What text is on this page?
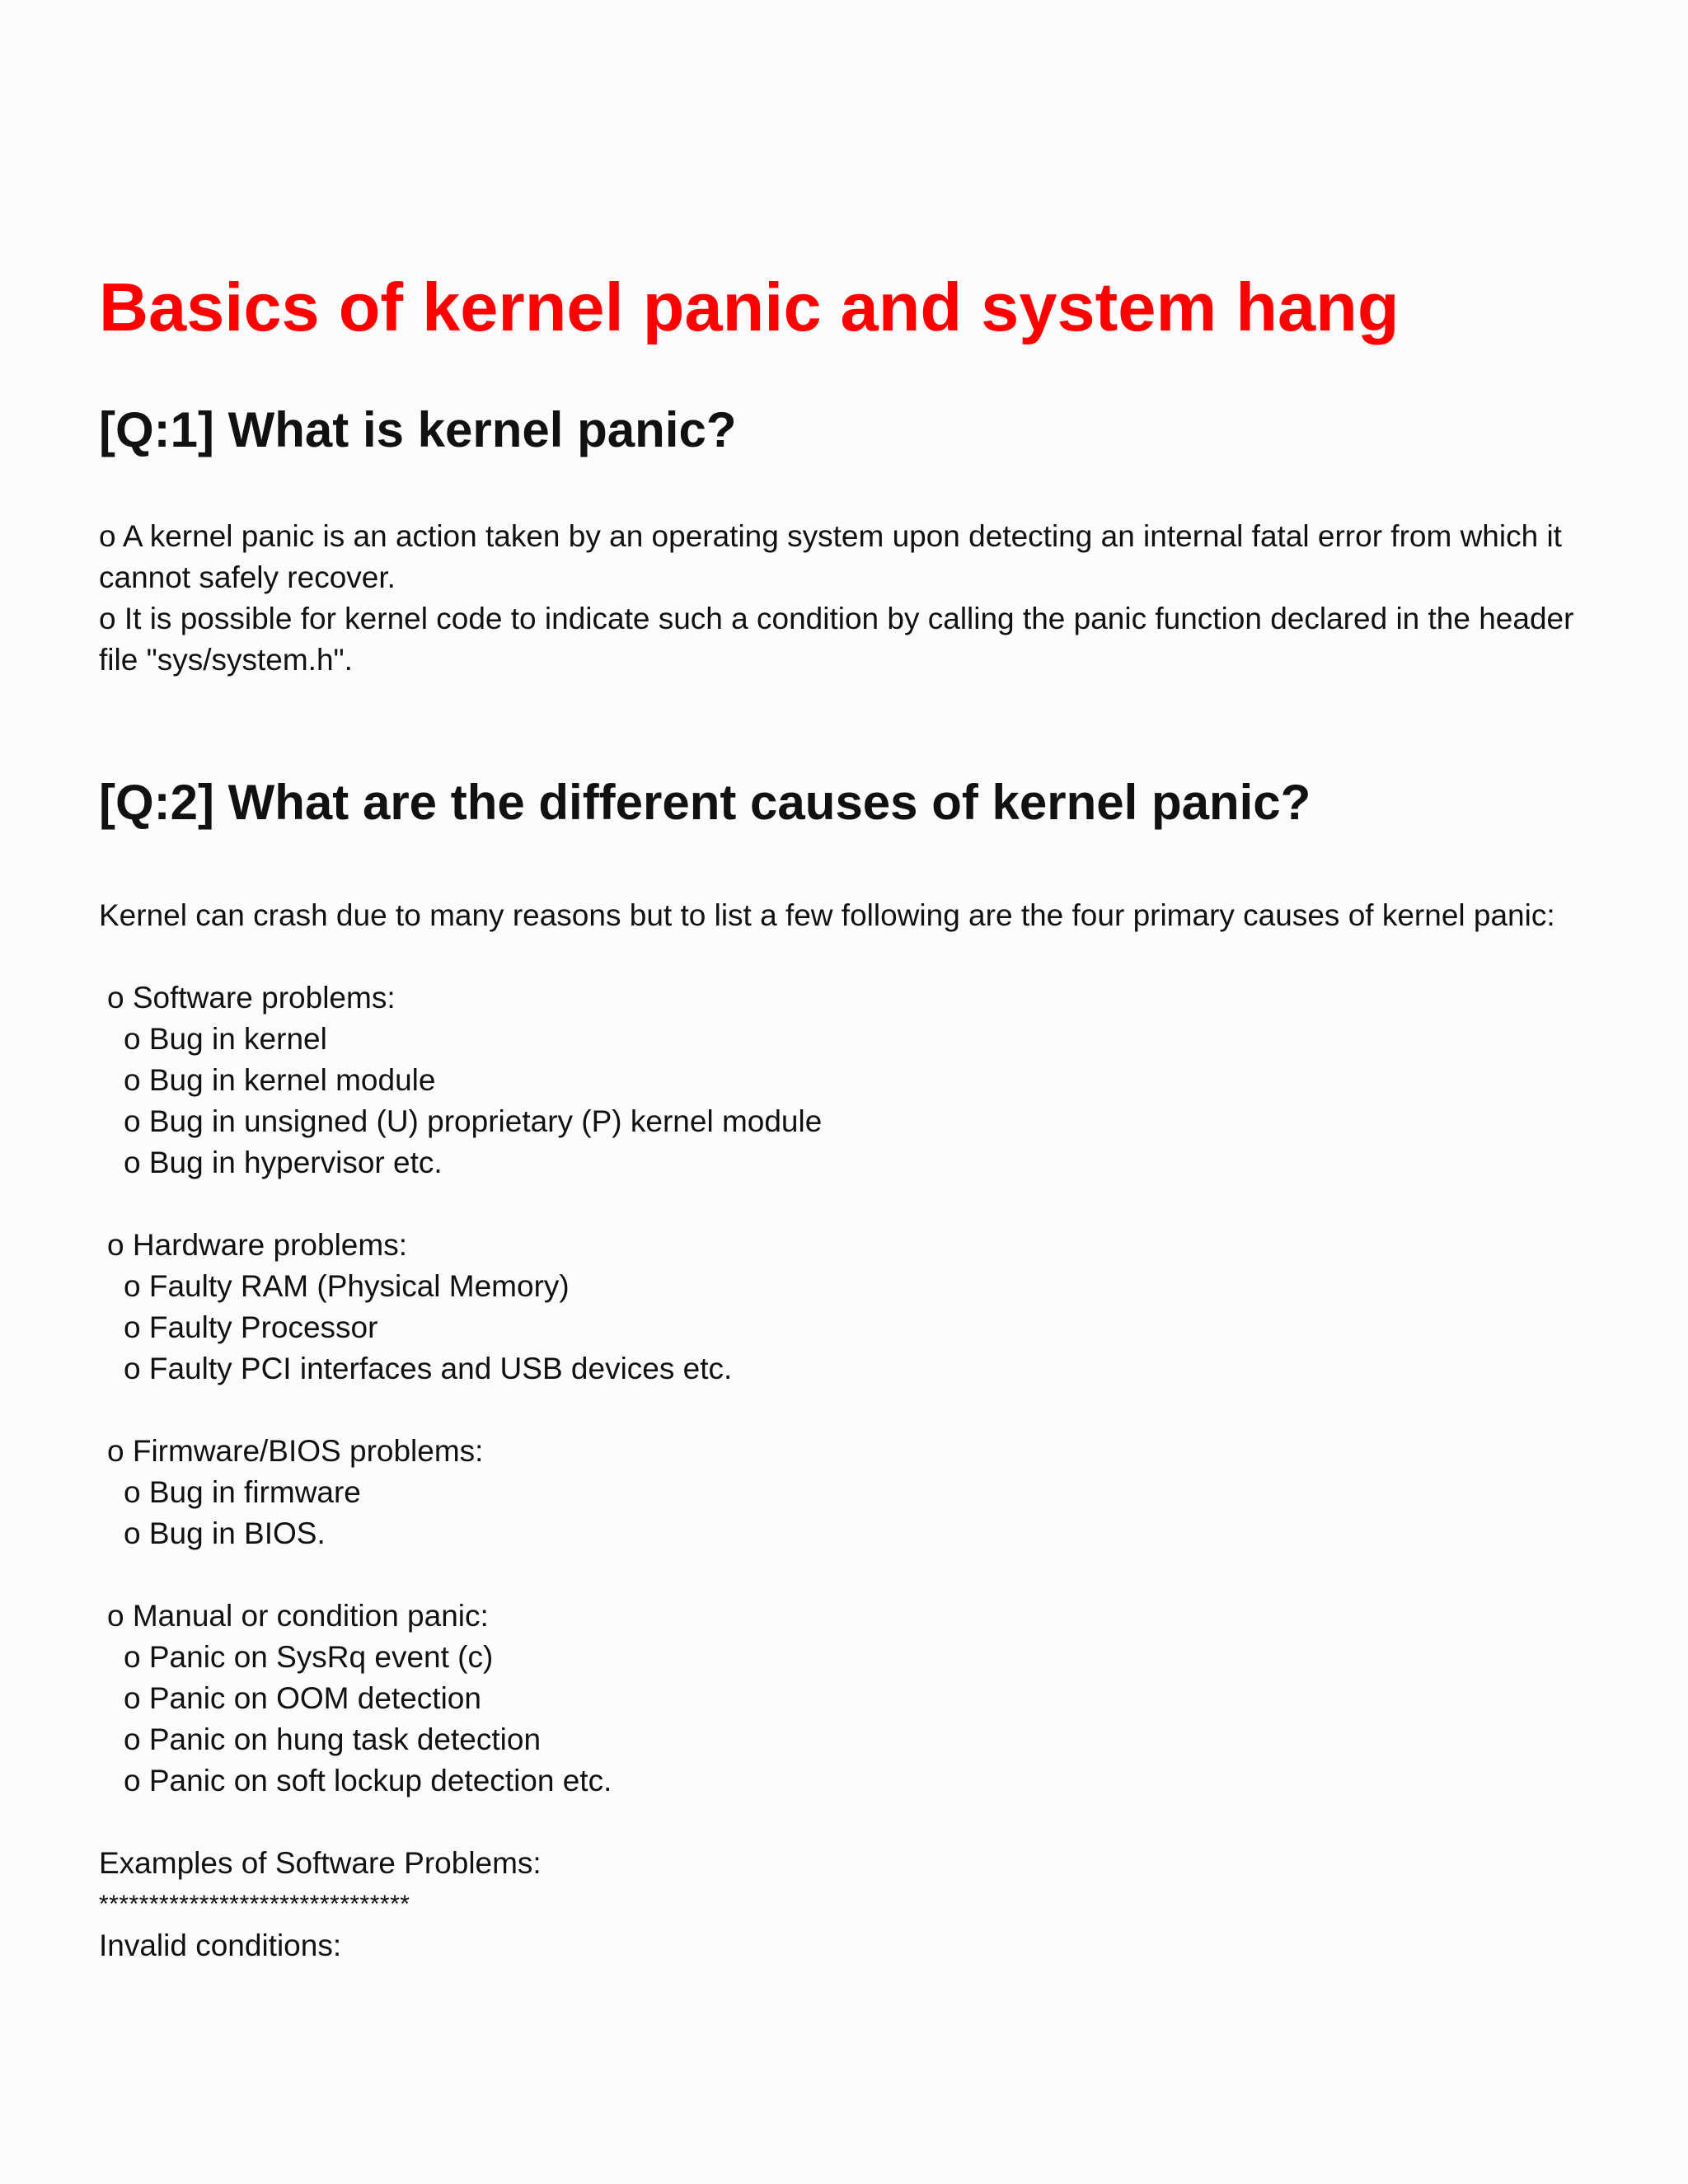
Basics of kernel panic and system hang
[Q:1] What is kernel panic?

o A kernel panic is an action taken by an operating system upon detecting an internal fatal error from which it cannot safely recover.

o It is possible for kernel code to indicate such a condition by calling the panic function declared in the header file "sys/system.h".

[Q:2] What are the different causes of kernel panic?

Kernel can crash due to many reasons but to list a few following are the four primary causes of kernel panic:

o Software problems:
o Bug in kernel
o Bug in kernel module
o Bug in unsigned (U) proprietary (P) kernel module
o Bug in hypervisor etc.
o Hardware problems:
o Faulty RAM (Physical Memory)
o Faulty Processor
o Faulty PCI interfaces and USB devices etc.
o Firmware/BIOS problems:
o Bug in firmware
o Bug in BIOS.
o Manual or condition panic:
o Panic on SysRq event (c)
o Panic on OOM detection
o Panic on hung task detection
o Panic on soft lockup detection etc.
Examples of Software Problems:
*******************************
Invalid conditions:
